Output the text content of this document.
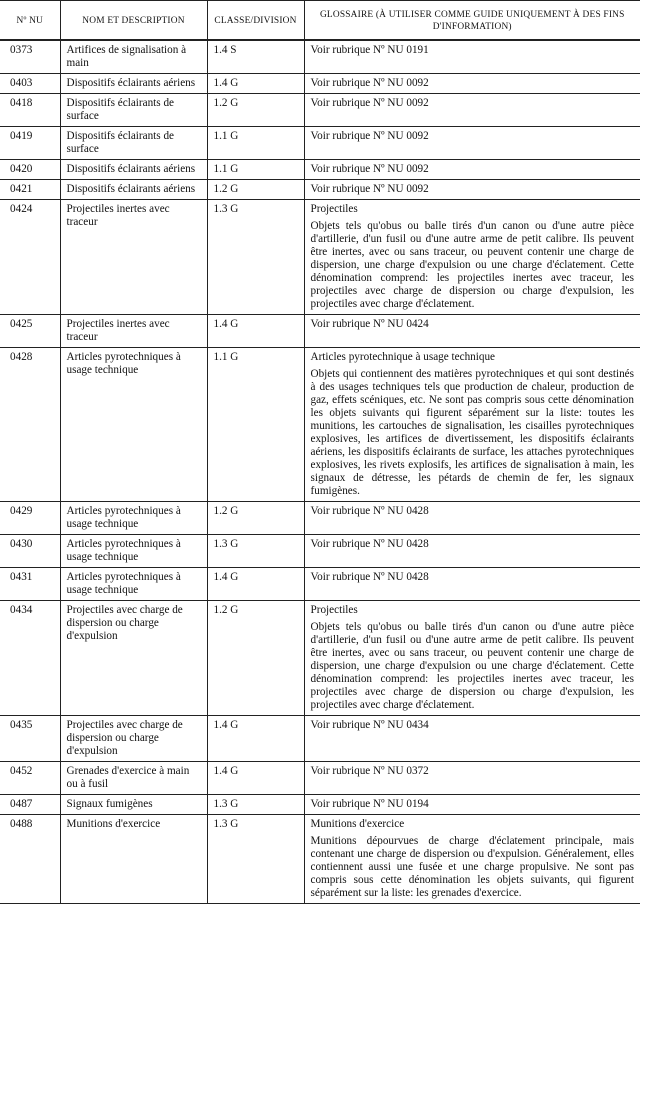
Nº NU	NOM ET DESCRIPTION	CLASSE/DIVISION	GLOSSAIRE (À UTILISER COMME GUIDE UNIQUEMENT À DES FINS D'INFORMATION)
0373	Artifices de signalisation à main	1.4 S	Voir rubrique Nº NU 0191

0403	Dispositifs éclairants aériens	1.4 G	Voir rubrique Nº NU 0092

0418	Dispositifs éclairants de surface	1.2 G	Voir rubrique Nº NU 0092

0419	Dispositifs éclairants de surface	1.1 G	Voir rubrique Nº NU 0092

0420	Dispositifs éclairants aériens	1.1 G	Voir rubrique Nº NU 0092

0421	Dispositifs éclairants aériens	1.2 G	Voir rubrique Nº NU 0092

0424	Projectiles inertes avec traceur	1.3 G	Projectiles
Objets tels qu'obus ou balle tirés d'un canon ou d'une autre pièce d'artillerie, d'un fusil ou d'une autre arme de petit calibre. Ils peuvent être inertes, avec ou sans traceur, ou peuvent contenir une charge de dispersion, une charge d'expulsion ou une charge d'éclatement. Cette dénomination comprend: les projectiles inertes avec traceur, les projectiles avec charge de dispersion ou charge d'expulsion, les projectiles avec charge d'éclatement.

0425	Projectiles inertes avec traceur	1.4 G	Voir rubrique Nº NU 0424

0428	Articles pyrotechniques à usage technique	1.1 G	Articles pyrotechnique à usage technique
Objets qui contiennent des matières pyrotechniques et qui sont destinés à des usages techniques tels que production de chaleur, production de gaz, effets scéniques, etc. Ne sont pas compris sous cette dénomination les objets suivants qui figurent séparément sur la liste: toutes les munitions, les cartouches de signalisation, les cisailles pyrotechniques explosives, les artifices de divertissement, les dispositifs éclairants aériens, les dispositifs éclairants de surface, les attaches pyrotechniques explosives, les rivets explosifs, les artifices de signalisation à main, les signaux de détresse, les pétards de chemin de fer, les signaux fumigènes.

0429	Articles pyrotechniques à usage technique	1.2 G	Voir rubrique Nº NU 0428

0430	Articles pyrotechniques à usage technique	1.3 G	Voir rubrique Nº NU 0428

0431	Articles pyrotechniques à usage technique	1.4 G	Voir rubrique Nº NU 0428

0434	Projectiles avec charge de dispersion ou charge d'expulsion	1.2 G	Projectiles
Objets tels qu'obus ou balle tirés d'un canon ou d'une autre pièce d'artillerie, d'un fusil ou d'une autre arme de petit calibre. Ils peuvent être inertes, avec ou sans traceur, ou peuvent contenir une charge de dispersion, une charge d'expulsion ou une charge d'éclatement. Cette dénomination comprend: les projectiles inertes avec traceur, les projectiles avec charge de dispersion ou charge d'expulsion, les projectiles avec charge d'éclatement.

0435	Projectiles avec charge de dispersion ou charge d'expulsion	1.4 G	Voir rubrique Nº NU 0434

0452	Grenades d'exercice à main ou à fusil	1.4 G	Voir rubrique Nº NU 0372

0487	Signaux fumigènes	1.3 G	Voir rubrique Nº NU 0194

0488	Munitions d'exercice	1.3 G	Munitions d'exercice
Munitions dépourvues de charge d'éclatement principale, mais contenant une charge de dispersion ou d'expulsion. Généralement, elles contiennent aussi une fusée et une charge propulsive. Ne sont pas compris sous cette dénomination les objets suivants, qui figurent séparément sur la liste: les grenades d'exercice.
